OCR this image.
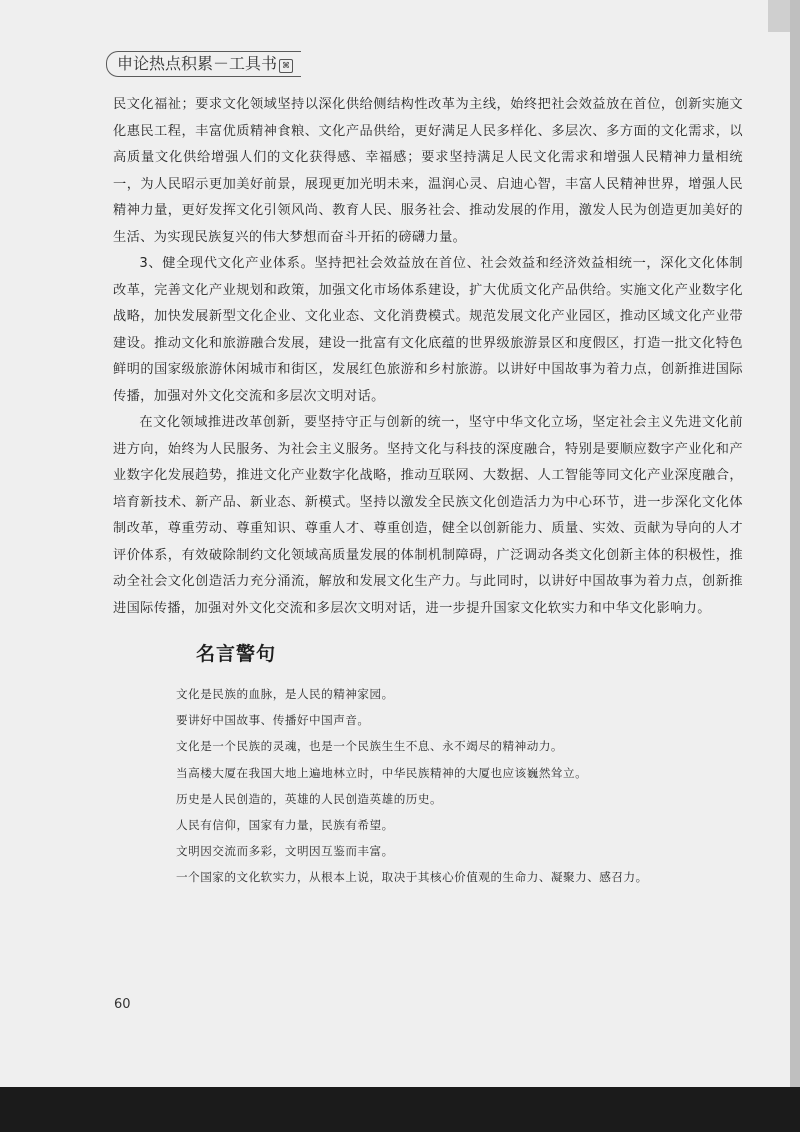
申论热点积累－工具书 ⌘

民文化福祉；要求文化领域坚持以深化供给侧结构性改革为主线，始终把社会效益放在首位，创新实施文化惠民工程，丰富优质精神食粮、文化产品供给，更好满足人民多样化、多层次、多方面的文化需求，以高质量文化供给增强人们的文化获得感、幸福感；要求坚持满足人民文化需求和增强人民精神力量相统一，为人民昭示更加美好前景，展现更加光明未来，温润心灵、启迪心智，丰富人民精神世界，增强人民精神力量，更好发挥文化引领风尚、教育人民、服务社会、推动发展的作用，激发人民为创造更加美好的生活、为实现民族复兴的伟大梦想而奋斗开拓的磅礴力量。

3、健全现代文化产业体系。坚持把社会效益放在首位、社会效益和经济效益相统一，深化文化体制改革，完善文化产业规划和政策，加强文化市场体系建设，扩大优质文化产品供给。实施文化产业数字化战略，加快发展新型文化企业、文化业态、文化消费模式。规范发展文化产业园区，推动区域文化产业带建设。推动文化和旅游融合发展，建设一批富有文化底蕴的世界级旅游景区和度假区，打造一批文化特色鲜明的国家级旅游休闲城市和街区，发展红色旅游和乡村旅游。以讲好中国故事为着力点，创新推进国际传播，加强对外文化交流和多层次文明对话。

在文化领域推进改革创新，要坚持守正与创新的统一，坚守中华文化立场，坚定社会主义先进文化前进方向，始终为人民服务、为社会主义服务。坚持文化与科技的深度融合，特别是要顺应数字产业化和产业数字化发展趋势，推进文化产业数字化战略，推动互联网、大数据、人工智能等同文化产业深度融合，培育新技术、新产品、新业态、新模式。坚持以激发全民族文化创造活力为中心环节，进一步深化文化体制改革，尊重劳动、尊重知识、尊重人才、尊重创造，健全以创新能力、质量、实效、贡献为导向的人才评价体系，有效破除制约文化领域高质量发展的体制机制障碍，广泛调动各类文化创新主体的积极性，推动全社会文化创造活力充分涌流，解放和发展文化生产力。与此同时，以讲好中国故事为着力点，创新推进国际传播，加强对外文化交流和多层次文明对话，进一步提升国家文化软实力和中华文化影响力。

名言警句
文化是民族的血脉，是人民的精神家园。
要讲好中国故事、传播好中国声音。
文化是一个民族的灵魂，也是一个民族生生不息、永不竭尽的精神动力。
当高楼大厦在我国大地上遍地林立时，中华民族精神的大厦也应该巍然耸立。
历史是人民创造的，英雄的人民创造英雄的历史。
人民有信仰，国家有力量，民族有希望。
文明因交流而多彩，文明因互鉴而丰富。
一个国家的文化软实力，从根本上说，取决于其核心价值观的生命力、凝聚力、感召力。
60
